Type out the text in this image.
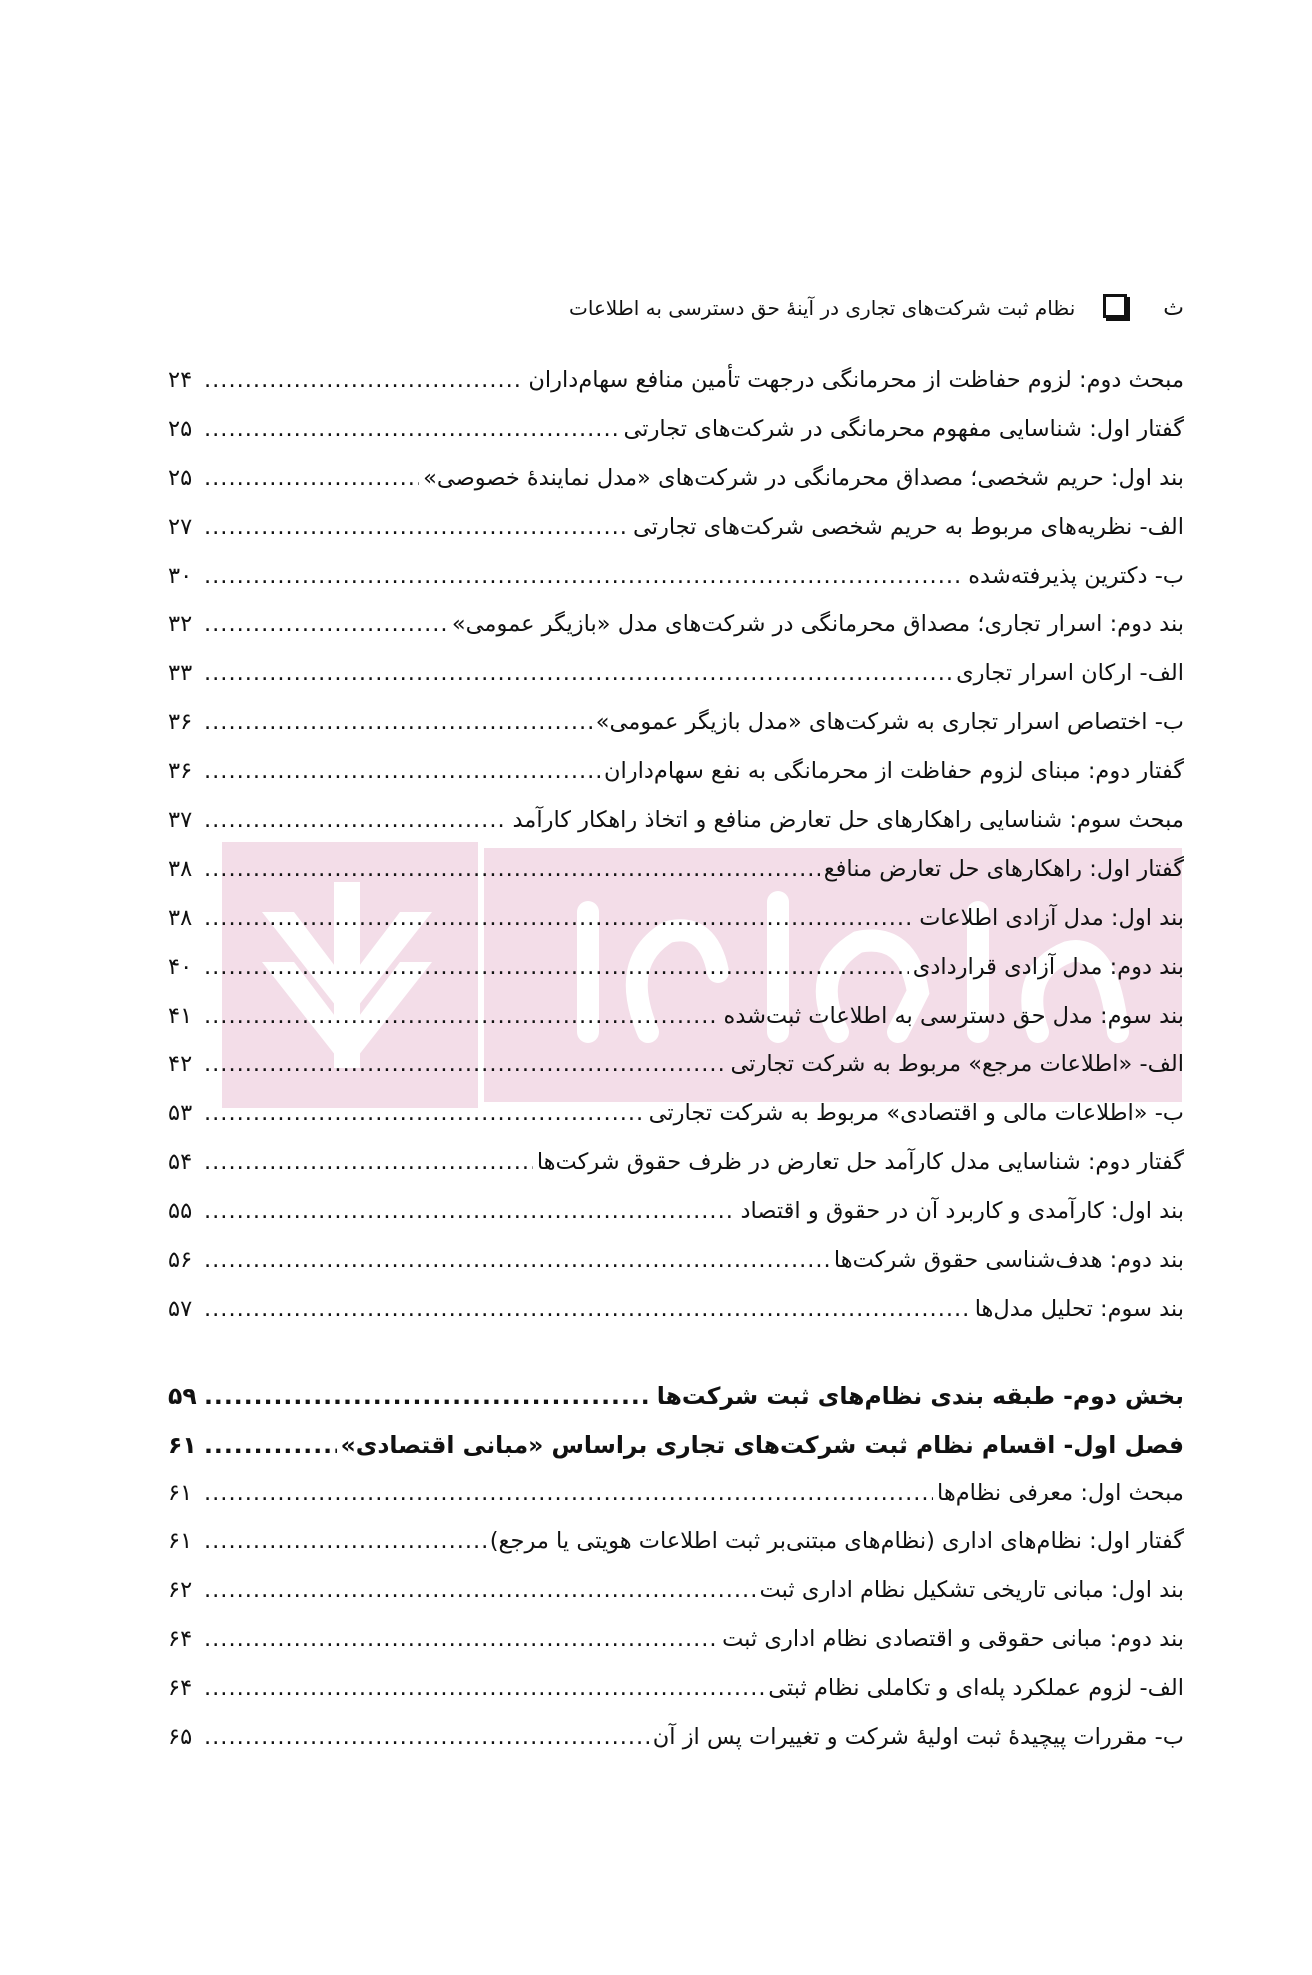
ث
نظام ثبت شرکت‌های تجاری در آینهٔ حق دسترسی به اطلاعات
مبحث دوم: لزوم حفاظت از محرمانگی درجهت تأمین منافع سهام‌داران
.....
۲۴
گفتار اول: شناسایی مفهوم محرمانگی در شرکت‌های تجارتی
.....
۲۵
بند اول: حریم شخصی؛ مصداق محرمانگی در شرکت‌های «مدل نمایندهٔ خصوصی»
.....
۲۵
الف- نظریه‌های مربوط به حریم شخصی شرکت‌های تجارتی
.....
۲۷
ب- دکترین پذیرفته‌شده
.....
۳۰
بند دوم: اسرار تجاری؛ مصداق محرمانگی در شرکت‌های مدل «بازیگر عمومی»
.....
۳۲
الف- ارکان اسرار تجاری
.....
۳۳
ب- اختصاص اسرار تجاری به شرکت‌های «مدل بازیگر عمومی»
.....
۳۶
گفتار دوم: مبنای لزوم حفاظت از محرمانگی به نفع سهام‌داران
.....
۳۶
مبحث سوم: شناسایی راهکارهای حل تعارض منافع و اتخاذ راهکار کارآمد
.....
۳۷
گفتار اول: راهکارهای حل تعارض منافع
.....
۳۸
بند اول: مدل آزادی اطلاعات
.....
۳۸
بند دوم: مدل آزادی قراردادی
.....
۴۰
بند سوم: مدل حق دسترسی به اطلاعات ثبت‌شده
.....
۴۱
الف- «اطلاعات مرجع» مربوط به شرکت تجارتی
.....
۴۲
ب- «اطلاعات مالی و اقتصادی» مربوط به شرکت تجارتی
.....
۵۳
گفتار دوم: شناسایی مدل کارآمد حل تعارض در ظرف حقوق شرکت‌ها
.....
۵۴
بند اول: کارآمدی و کاربرد آن در حقوق و اقتصاد
.....
۵۵
بند دوم: هدف‌شناسی حقوق شرکت‌ها
.....
۵۶
بند سوم: تحلیل مدل‌ها
.....
۵۷
بخش دوم- طبقه بندی نظام‌های ثبت شرکت‌ها
.....
۵۹
فصل اول- اقسام نظام ثبت شرکت‌های تجاری براساس «مبانی اقتصادی»
.....
۶۱
مبحث اول: معرفی نظام‌ها
.....
۶۱
گفتار اول: نظام‌های اداری (نظام‌های مبتنی‌بر ثبت اطلاعات هویتی یا مرجع)
.....
۶۱
بند اول: مبانی تاریخی تشکیل نظام اداری ثبت
.....
۶۲
بند دوم: مبانی حقوقی و اقتصادی نظام اداری ثبت
.....
۶۴
الف- لزوم عملکرد پله‌ای و تکاملی نظام ثبتی
.....
۶۴
ب- مقررات پیچیدهٔ ثبت اولیهٔ شرکت و تغییرات پس از آن
.....
۶۵
